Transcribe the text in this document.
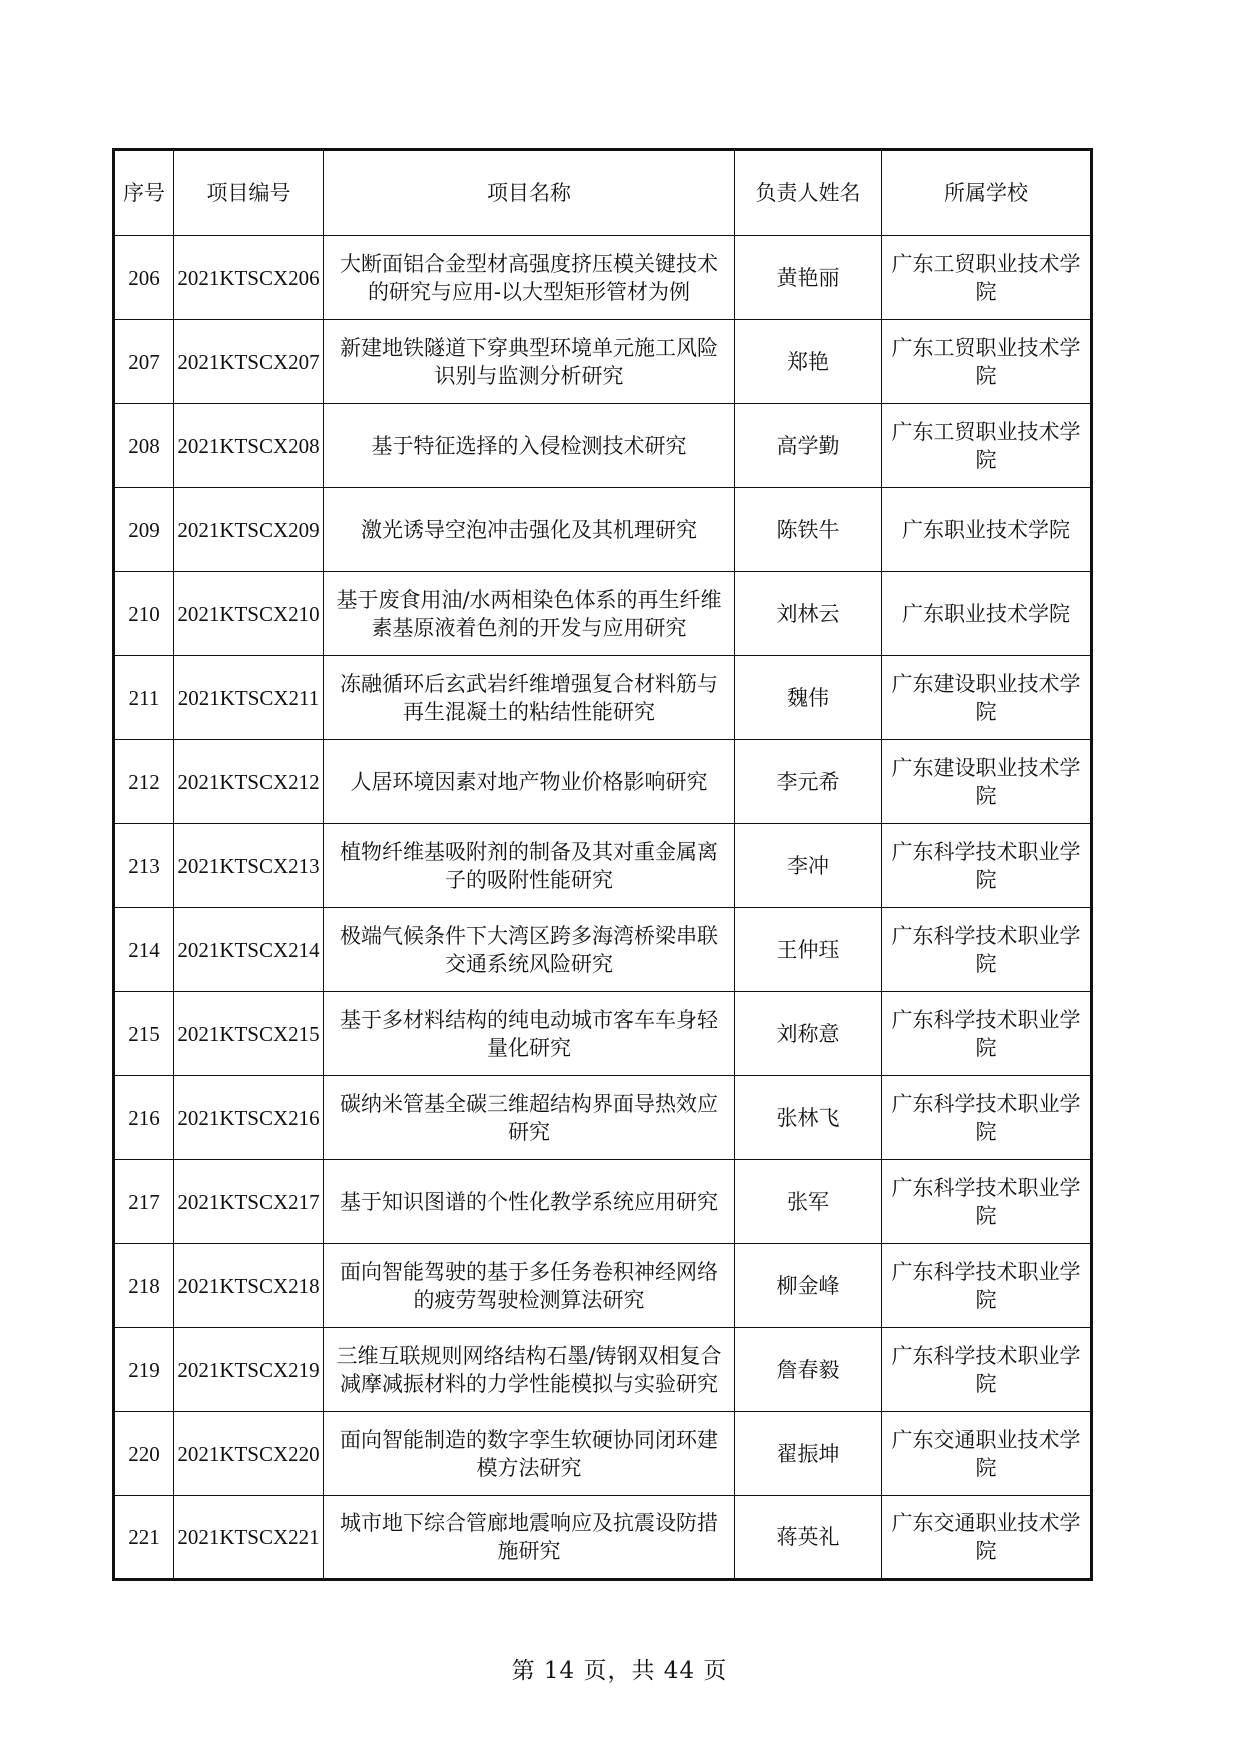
序号	项目编号	项目名称	负责人姓名	所属学校
206	2021KTSCX206	大断面铝合金型材高强度挤压模关键技术的研究与应用-以大型矩形管材为例	黄艳丽	广东工贸职业技术学院
207	2021KTSCX207	新建地铁隧道下穿典型环境单元施工风险识别与监测分析研究	郑艳	广东工贸职业技术学院
208	2021KTSCX208	基于特征选择的入侵检测技术研究	高学勤	广东工贸职业技术学院
209	2021KTSCX209	激光诱导空泡冲击强化及其机理研究	陈铁牛	广东职业技术学院
210	2021KTSCX210	基于废食用油/水两相染色体系的再生纤维素基原液着色剂的开发与应用研究	刘林云	广东职业技术学院
211	2021KTSCX211	冻融循环后玄武岩纤维增强复合材料筋与再生混凝土的粘结性能研究	魏伟	广东建设职业技术学院
212	2021KTSCX212	人居环境因素对地产物业价格影响研究	李元希	广东建设职业技术学院
213	2021KTSCX213	植物纤维基吸附剂的制备及其对重金属离子的吸附性能研究	李冲	广东科学技术职业学院
214	2021KTSCX214	极端气候条件下大湾区跨多海湾桥梁串联交通系统风险研究	王仲珏	广东科学技术职业学院
215	2021KTSCX215	基于多材料结构的纯电动城市客车车身轻量化研究	刘称意	广东科学技术职业学院
216	2021KTSCX216	碳纳米管基全碳三维超结构界面导热效应研究	张林飞	广东科学技术职业学院
217	2021KTSCX217	基于知识图谱的个性化教学系统应用研究	张军	广东科学技术职业学院
218	2021KTSCX218	面向智能驾驶的基于多任务卷积神经网络的疲劳驾驶检测算法研究	柳金峰	广东科学技术职业学院
219	2021KTSCX219	三维互联规则网络结构石墨/铸钢双相复合减摩减振材料的力学性能模拟与实验研究	詹春毅	广东科学技术职业学院
220	2021KTSCX220	面向智能制造的数字孪生软硬协同闭环建模方法研究	翟振坤	广东交通职业技术学院
221	2021KTSCX221	城市地下综合管廊地震响应及抗震设防措施研究	蒋英礼	广东交通职业技术学院
第 14 页，共 44 页
